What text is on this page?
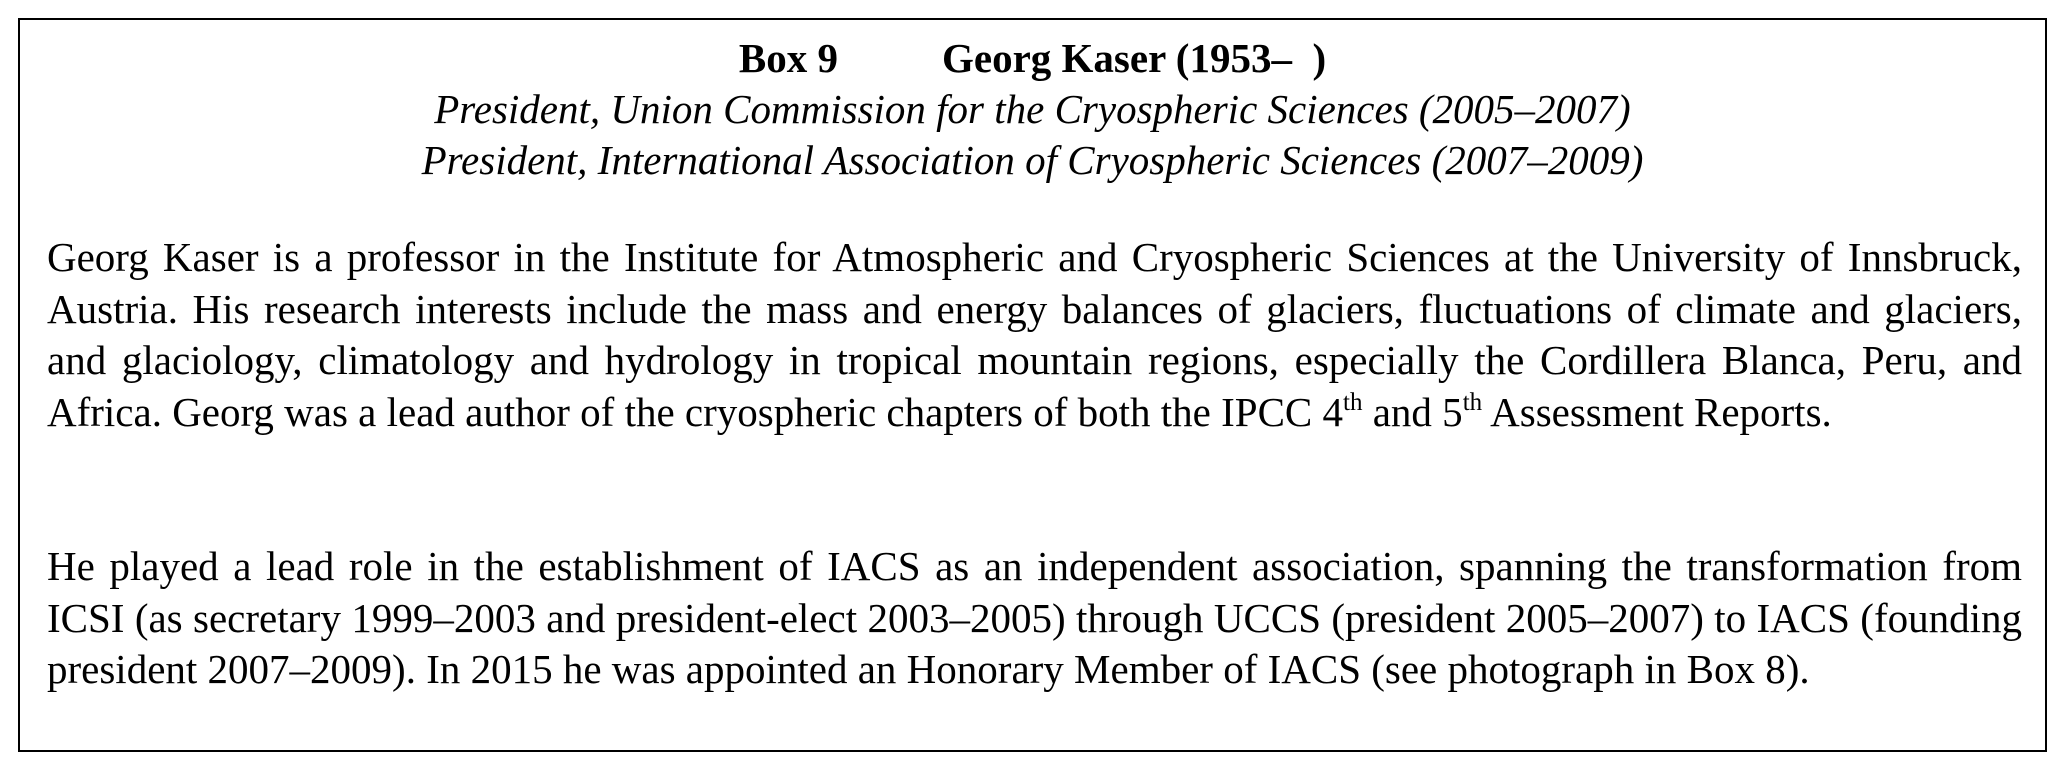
Box 9	Georg Kaser (1953–  )
President, Union Commission for the Cryospheric Sciences (2005–2007)
President, International Association of Cryospheric Sciences (2007–2009)

Georg Kaser is a professor in the Institute for Atmospheric and Cryospheric Sciences at the University of Innsbruck, Austria. His research interests include the mass and energy balances of glaciers, fluctuations of climate and glaciers, and glaciology, climatology and hydrology in tropical mountain regions, especially the Cordillera Blanca, Peru, and Africa. Georg was a lead author of the cryospheric chapters of both the IPCC 4th and 5th Assessment Reports.

He played a lead role in the establishment of IACS as an independent association, spanning the transformation from ICSI (as secretary 1999–2003 and president-elect 2003–2005) through UCCS (president 2005–2007) to IACS (founding president 2007–2009). In 2015 he was appointed an Honorary Member of IACS (see photograph in Box 8).
